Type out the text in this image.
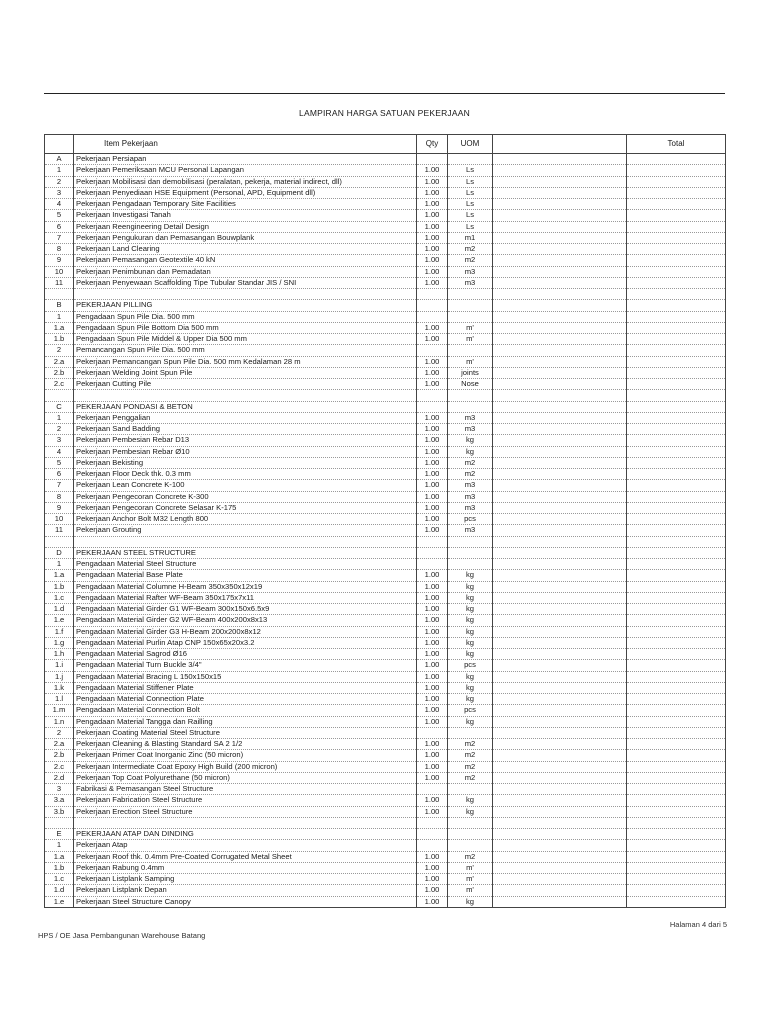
LAMPIRAN HARGA SATUAN PEKERJAAN
	Item Pekerjaan	Qty	UOM		Total
A	Pekerjaan Persiapan				
1	Pekerjaan Pemeriksaan MCU Personal Lapangan	1.00	Ls		
2	Pekerjaan Mobilisasi dan demobilisasi (peralatan, pekerja, material indirect, dll)	1.00	Ls		
3	Pekerjaan Penyediaan HSE Equipment (Personal, APD, Equipment dll)	1.00	Ls		
4	Pekerjaan Pengadaan Temporary Site Facilities	1.00	Ls		
5	Pekerjaan Investigasi Tanah	1.00	Ls		
6	Pekerjaan Reengineering Detail Design	1.00	Ls		
7	Pekerjaan Pengukuran dan Pemasangan Bouwplank	1.00	m1		
8	Pekerjaan Land Clearing	1.00	m2		
9	Pekerjaan Pemasangan Geotextile 40 kN	1.00	m2		
10	Pekerjaan Penimbunan dan Pemadatan	1.00	m3		
11	Pekerjaan Penyewaan Scaffolding Tipe Tubular Standar JIS / SNI	1.00	m3		

B	PEKERJAAN PILLING				
1	Pengadaan Spun Pile Dia. 500 mm				
1.a	Pengadaan Spun Pile Bottom Dia 500 mm	1.00	m'		
1.b	Pengadaan Spun Pile Middel & Upper Dia 500 mm	1.00	m'		
2	Pemancangan Spun Pile Dia. 500 mm				
2.a	Pekerjaan Pemancangan Spun Pile Dia. 500 mm Kedalaman 28 m	1.00	m'		
2.b	Pekerjaan Welding Joint Spun Pile	1.00	joints		
2.c	Pekerjaan Cutting Pile	1.00	Nose		

C	PEKERJAAN PONDASI & BETON				
1	Pekerjaan Penggalian	1.00	m3		
2	Pekerjaan Sand Badding	1.00	m3		
3	Pekerjaan Pembesian Rebar D13	1.00	kg		
4	Pekerjaan Pembesian Rebar Ø10	1.00	kg		
5	Pekerjaan Bekisting	1.00	m2		
6	Pekerjaan Floor Deck thk. 0.3 mm	1.00	m2		
7	Pekerjaan Lean Concrete K-100	1.00	m3		
8	Pekerjaan Pengecoran Concrete K-300	1.00	m3		
9	Pekerjaan Pengecoran Concrete Selasar K-175	1.00	m3		
10	Pekerjaan Anchor Bolt M32 Length 800	1.00	pcs		
11	Pekerjaan Grouting	1.00	m3		

D	PEKERJAAN STEEL STRUCTURE				
1	Pengadaan Material Steel Structure				
1.a	Pengadaan Material Base Plate	1.00	kg		
1.b	Pengadaan Material Columne H-Beam 350x350x12x19	1.00	kg		
1.c	Pengadaan Material Rafter WF-Beam 350x175x7x11	1.00	kg		
1.d	Pengadaan Material Girder G1 WF-Beam 300x150x6.5x9	1.00	kg		
1.e	Pengadaan Material Girder G2 WF-Beam 400x200x8x13	1.00	kg		
1.f	Pengadaan Material Girder G3 H-Beam 200x200x8x12	1.00	kg		
1.g	Pengadaan Material Purlin Atap CNP 150x65x20x3.2	1.00	kg		
1.h	Pengadaan Material Sagrod Ø16	1.00	kg		
1.i	Pengadaan Material Turn Buckle 3/4"	1.00	pcs		
1.j	Pengadaan Material Bracing L 150x150x15	1.00	kg		
1.k	Pengadaan Material Stiffener Plate	1.00	kg		
1.l	Pengadaan Material Connection Plate	1.00	kg		
1.m	Pengadaan Material Connection Bolt	1.00	pcs		
1.n	Pengadaan Material Tangga dan Railling	1.00	kg		
2	Pekerjaan Coating Material Steel Structure				
2.a	Pekerjaan Cleaning & Blasting Standard SA 2 1/2	1.00	m2		
2.b	Pekerjaan Primer Coat Inorganic Zinc (50 micron)	1.00	m2		
2.c	Pekerjaan Intermediate Coat Epoxy High Build (200 micron)	1.00	m2		
2.d	Pekerjaan Top Coat Polyurethane (50 micron)	1.00	m2		
3	Fabrikasi & Pemasangan Steel Structure				
3.a	Pekerjaan Fabrication Steel Structure	1.00	kg		
3.b	Pekerjaan Erection Steel Structure	1.00	kg		

E	PEKERJAAN ATAP DAN DINDING				
1	Pekerjaan Atap				
1.a	Pekerjaan Roof thk. 0.4mm Pre-Coated Corrugated Metal Sheet	1.00	m2		
1.b	Pekerjaan Rabung 0.4mm	1.00	m'		
1.c	Pekerjaan Listplank Samping	1.00	m'		
1.d	Pekerjaan Listplank Depan	1.00	m'		
1.e	Pekerjaan Steel Structure Canopy	1.00	kg		
Halaman 4 dari 5
HPS / OE Jasa Pembangunan Warehouse Batang
